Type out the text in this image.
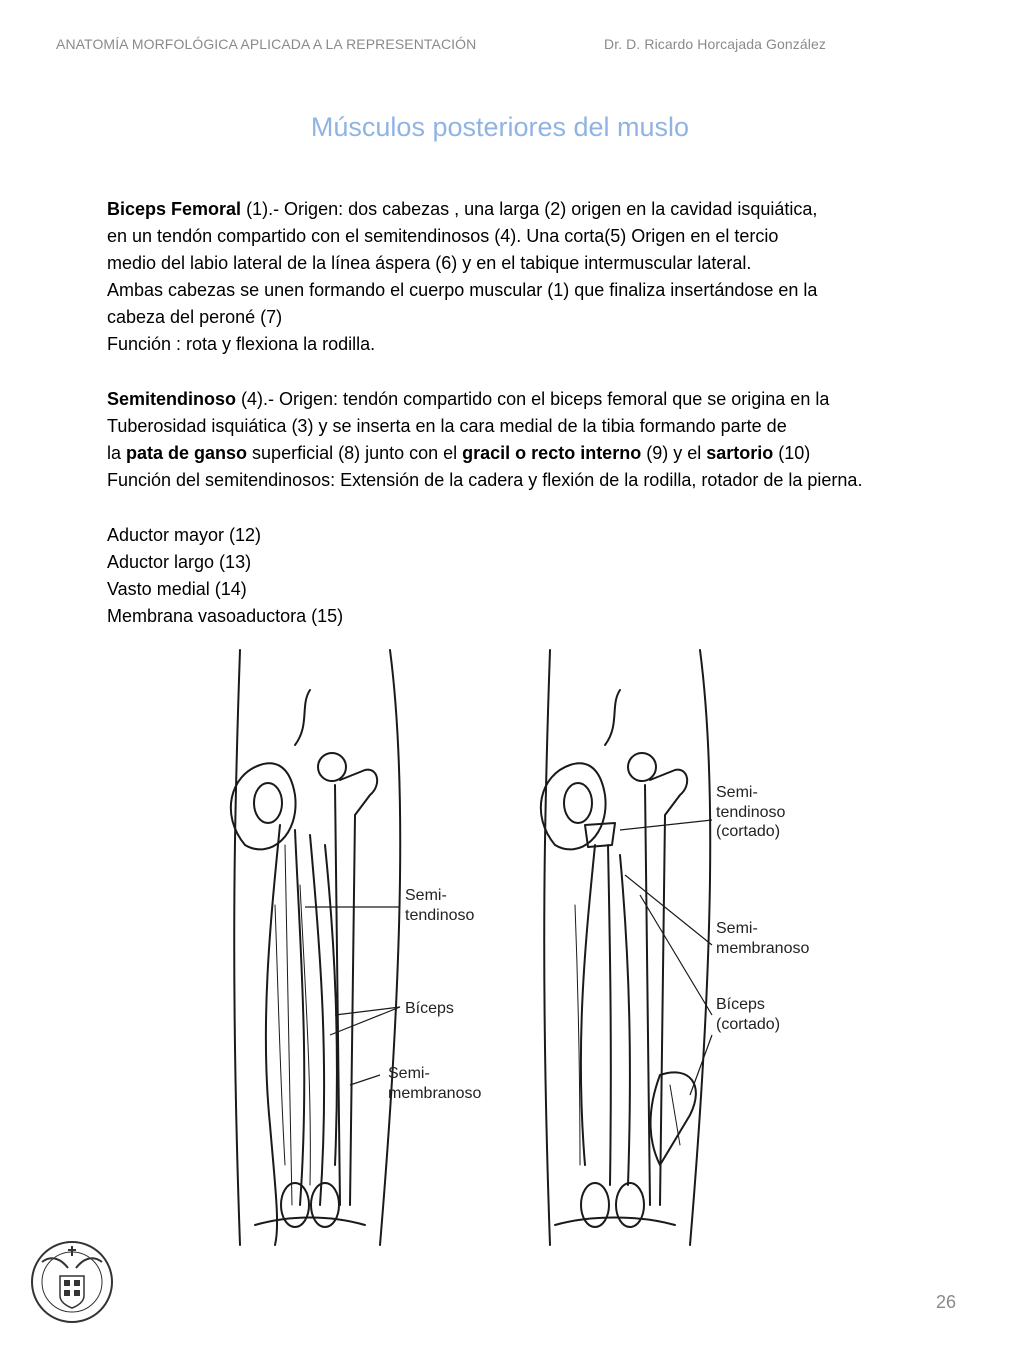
ANATOMÍA MORFOLÓGICA APLICADA A LA REPRESENTACIÓN	Dr. D. Ricardo Horcajada González
Músculos posteriores del muslo
Biceps Femoral (1).- Origen: dos cabezas , una larga (2) origen en la cavidad isquiática,
en un tendón compartido con el semitendinosos (4). Una corta(5) Origen en el tercio
medio del labio lateral de la línea áspera (6) y en el tabique intermuscular lateral.
Ambas cabezas se unen formando el cuerpo muscular (1) que finaliza insertándose en la
cabeza del peroné (7)
Función : rota y flexiona la rodilla.
Semitendinoso (4).- Origen: tendón compartido con el biceps femoral que se origina en la
Tuberosidad isquiática (3) y se inserta en la cara medial de la tibia formando parte de
la pata de ganso superficial (8) junto con el gracil o recto interno (9) y el sartorio (10)
Función del semitendinosos: Extensión de la cadera y flexión de la rodilla, rotador de la pierna.
Aductor mayor (12)
Aductor largo (13)
Vasto medial (14)
Membrana vasoaductora (15)
Semi-
tendinoso
Bíceps
Semi-
membranoso
Semi-
tendinoso
(cortado)
Semi-
membranoso
Bíceps
(cortado)
26
